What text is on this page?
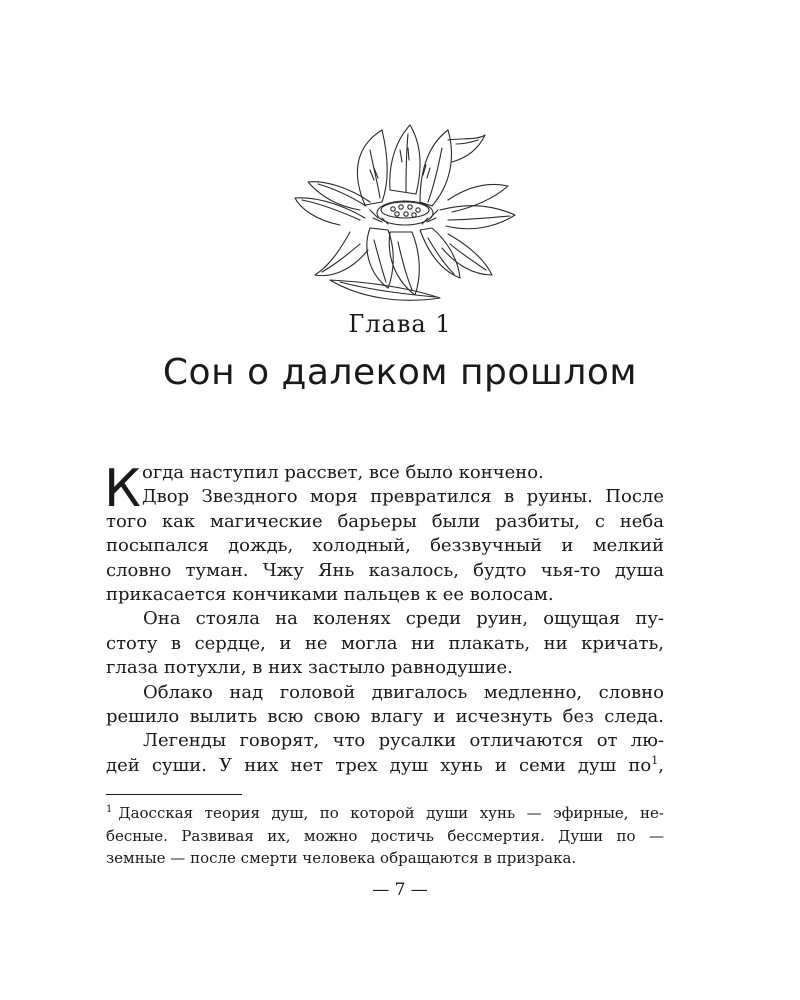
Глава 1
Сон о далеком прошлом
К огда наступил рассвет, все было кончено.
Двор Звездного моря превратился в руины. После
того как магические барьеры были разбиты, с неба
посыпался дождь, холодный, беззвучный и мелкий
словно туман. Чжу Янь казалось, будто чья-то душа
прикасается кончиками пальцев к ее волосам.

Она стояла на коленях среди руин, ощущая пу-
стоту в сердце, и не могла ни плакать, ни кричать,
глаза потухли, в них застыло равнодушие.

Облако над головой двигалось медленно, словно
решило вылить всю свою влагу и исчезнуть без следа.

Легенды говорят, что русалки отличаются от лю-
дей суши. У них нет трех душ хунь и семи душ $по^1$,

$^1$ Даосская теория душ, по которой души хунь — эфирные, не-
бесные. Развивая их, можно достичь бессмертия. Души по —
земные — после смерти человека обращаются в призрака.
— 7 —
